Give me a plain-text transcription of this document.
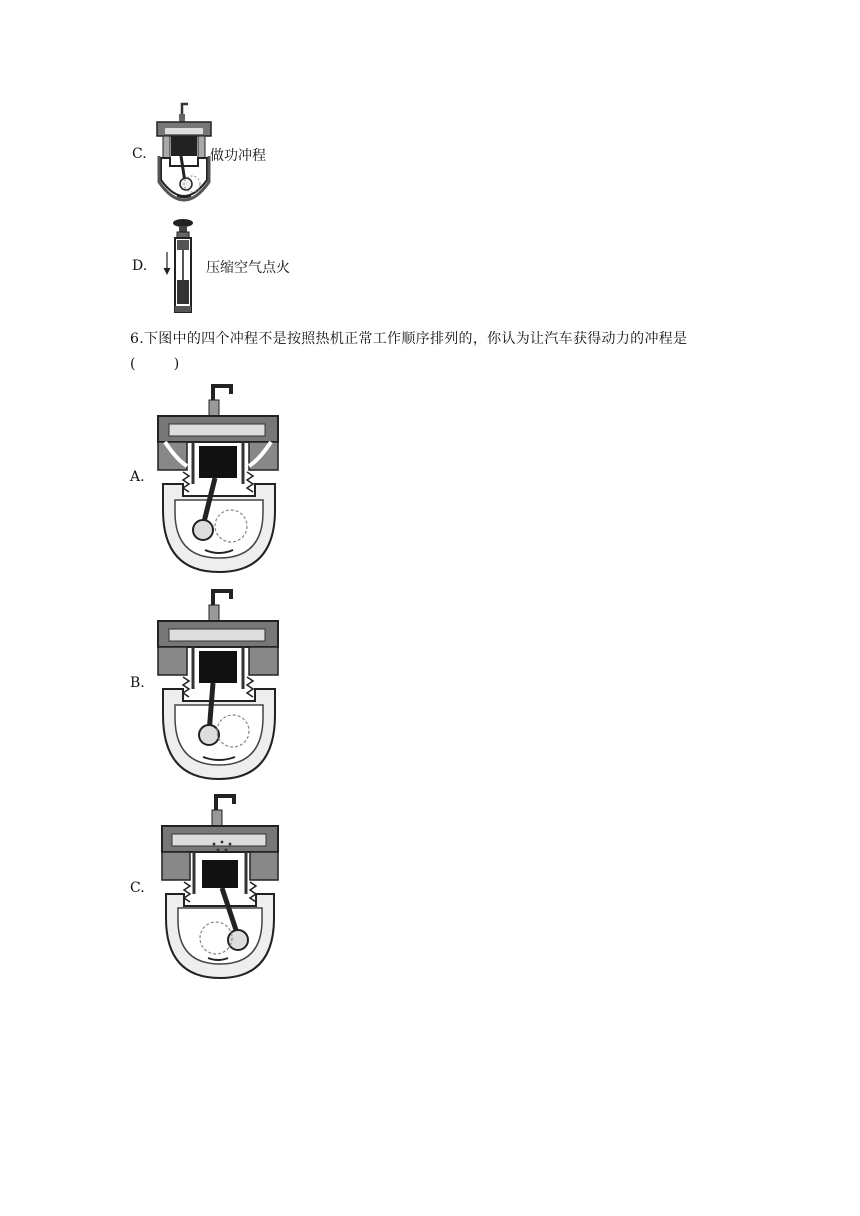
C.	做功冲程
D.	压缩空气点火
6.下图中的四个冲程不是按照热机正常工作顺序排列的，你认为让汽车获得动力的冲程是
(        )
A.
B.
C.
